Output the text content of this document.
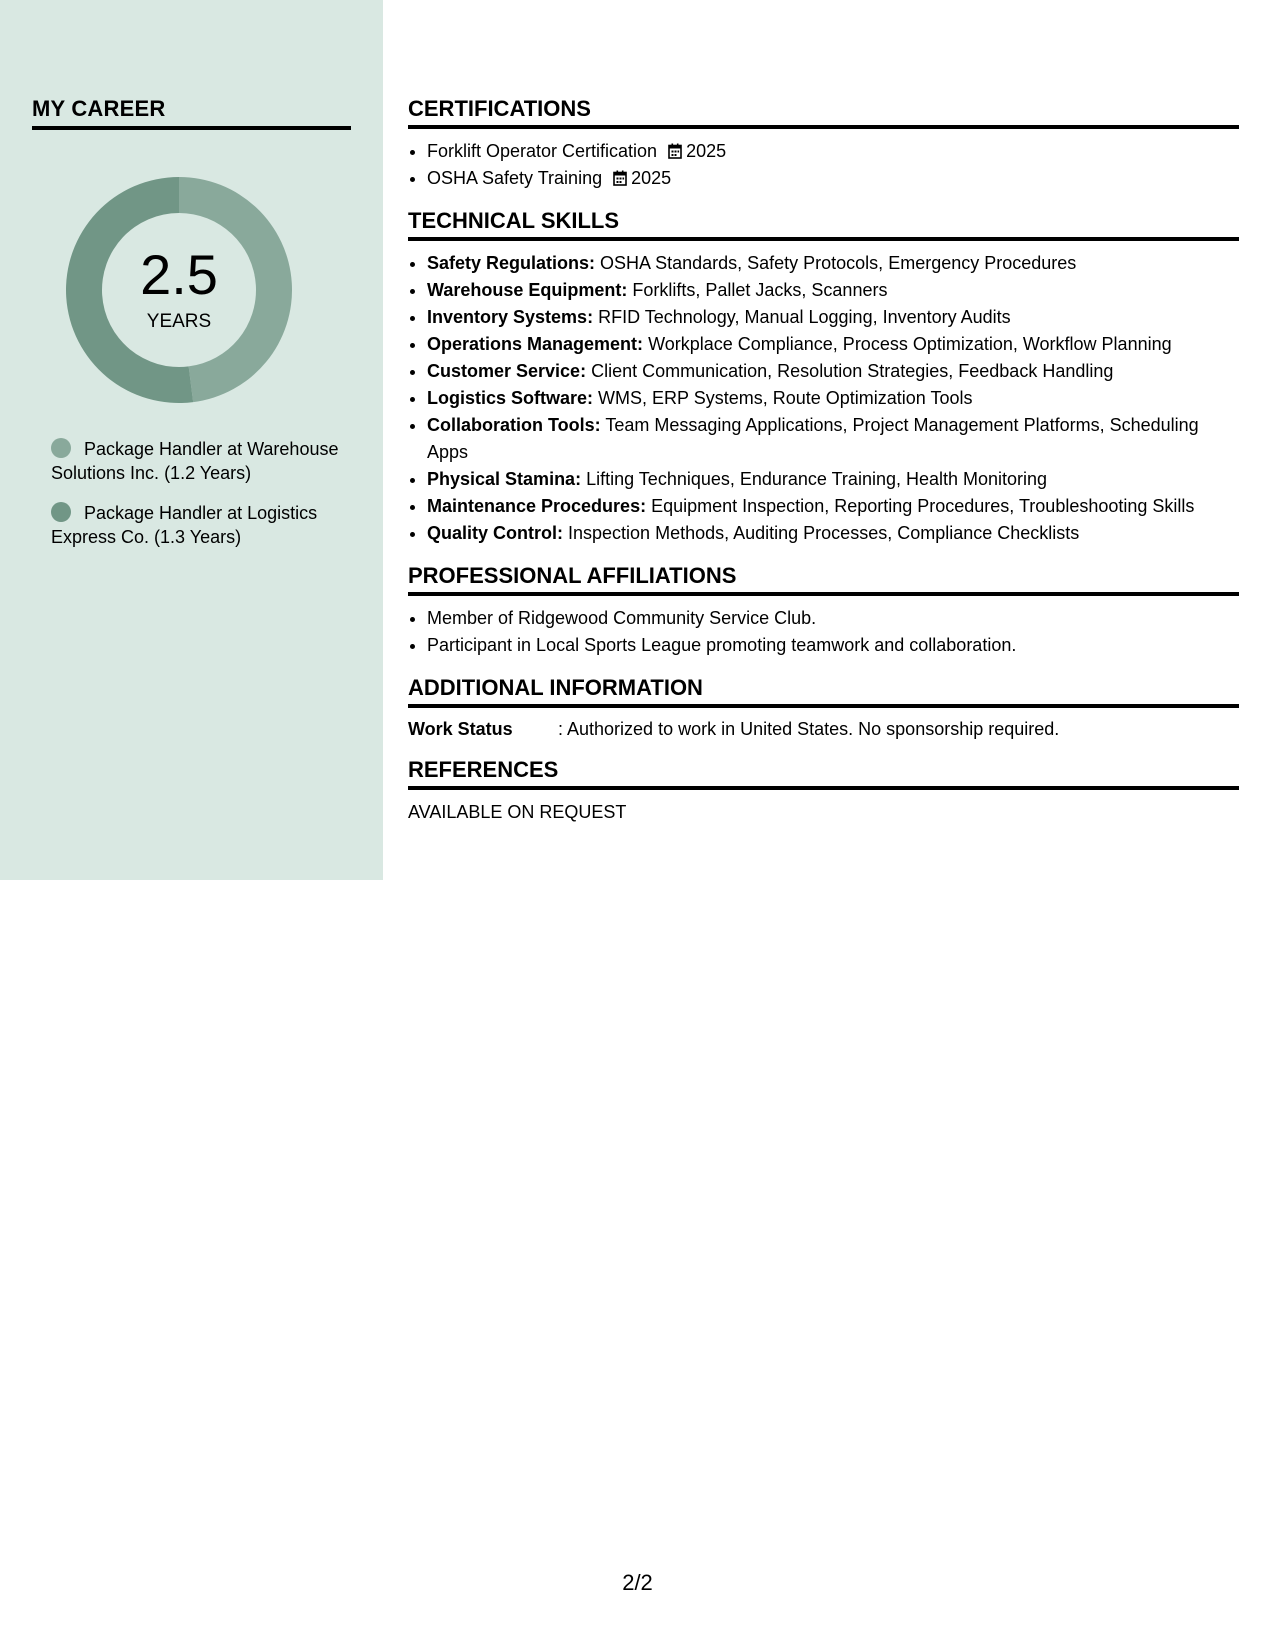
MY CAREER
2.5
YEARS
Package Handler at Warehouse Solutions Inc. (1.2 Years)
Package Handler at Logistics Express Co. (1.3 Years)
CERTIFICATIONS
• Forklift Operator Certification 2025
• OSHA Safety Training 2025
TECHNICAL SKILLS
• Safety Regulations: OSHA Standards, Safety Protocols, Emergency Procedures
• Warehouse Equipment: Forklifts, Pallet Jacks, Scanners
• Inventory Systems: RFID Technology, Manual Logging, Inventory Audits
• Operations Management: Workplace Compliance, Process Optimization, Workflow Planning
• Customer Service: Client Communication, Resolution Strategies, Feedback Handling
• Logistics Software: WMS, ERP Systems, Route Optimization Tools
• Collaboration Tools: Team Messaging Applications, Project Management Platforms, Scheduling Apps
• Physical Stamina: Lifting Techniques, Endurance Training, Health Monitoring
• Maintenance Procedures: Equipment Inspection, Reporting Procedures, Troubleshooting Skills
• Quality Control: Inspection Methods, Auditing Processes, Compliance Checklists
PROFESSIONAL AFFILIATIONS
• Member of Ridgewood Community Service Club.
• Participant in Local Sports League promoting teamwork and collaboration.
ADDITIONAL INFORMATION
Work Status	: Authorized to work in United States. No sponsorship required.
REFERENCES
AVAILABLE ON REQUEST
2/2
